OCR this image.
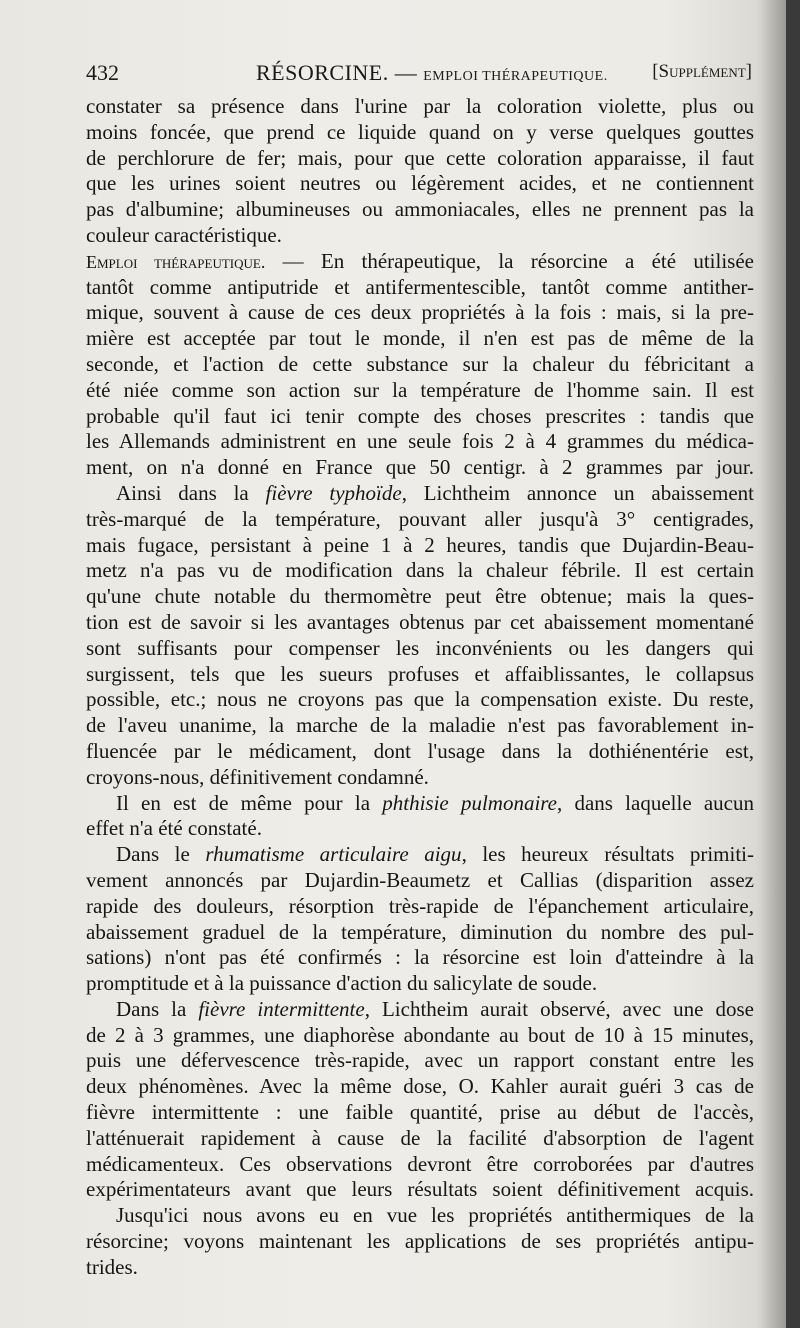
432	RÉSORCINE. — EMPLOI THÉRAPEUTIQUE. [Supplément]
constater sa présence dans l'urine par la coloration violette, plus ou
moins foncée, que prend ce liquide quand on y verse quelques gouttes
de perchlorure de fer; mais, pour que cette coloration apparaisse, il faut
que les urines soient neutres ou légèrement acides, et ne contiennent
pas d'albumine; albumineuses ou ammoniacales, elles ne prennent pas la
couleur caractéristique.
Emploi thérapeutique. — En thérapeutique, la résorcine a été utilisée
tantôt comme antiputride et antifermentescible, tantôt comme antither-
mique, souvent à cause de ces deux propriétés à la fois : mais, si la pre-
mière est acceptée par tout le monde, il n'en est pas de même de la
seconde, et l'action de cette substance sur la chaleur du fébricitant a
été niée comme son action sur la température de l'homme sain. Il est
probable qu'il faut ici tenir compte des choses prescrites : tandis que
les Allemands administrent en une seule fois 2 à 4 grammes du médica-
ment, on n'a donné en France que 50 centigr. à 2 grammes par jour.
Ainsi dans la fièvre typhoïde, Lichtheim annonce un abaissement
très-marqué de la température, pouvant aller jusqu'à 3° centigrades,
mais fugace, persistant à peine 1 à 2 heures, tandis que Dujardin-Beau-
metz n'a pas vu de modification dans la chaleur fébrile. Il est certain
qu'une chute notable du thermomètre peut être obtenue; mais la ques-
tion est de savoir si les avantages obtenus par cet abaissement momentané
sont suffisants pour compenser les inconvénients ou les dangers qui
surgissent, tels que les sueurs profuses et affaiblissantes, le collapsus
possible, etc.; nous ne croyons pas que la compensation existe. Du reste,
de l'aveu unanime, la marche de la maladie n'est pas favorablement in-
fluencée par le médicament, dont l'usage dans la dothiénentérie est,
croyons-nous, définitivement condamné.
Il en est de même pour la phthisie pulmonaire, dans laquelle aucun
effet n'a été constaté.
Dans le rhumatisme articulaire aigu, les heureux résultats primiti-
vement annoncés par Dujardin-Beaumetz et Callias (disparition assez
rapide des douleurs, résorption très-rapide de l'épanchement articulaire,
abaissement graduel de la température, diminution du nombre des pul-
sations) n'ont pas été confirmés : la résorcine est loin d'atteindre à la
promptitude et à la puissance d'action du salicylate de soude.
Dans la fièvre intermittente, Lichtheim aurait observé, avec une dose
de 2 à 3 grammes, une diaphorèse abondante au bout de 10 à 15 minutes,
puis une défervescence très-rapide, avec un rapport constant entre les
deux phénomènes. Avec la même dose, O. Kahler aurait guéri 3 cas de
fièvre intermittente : une faible quantité, prise au début de l'accès,
l'atténuerait rapidement à cause de la facilité d'absorption de l'agent
médicamenteux. Ces observations devront être corroborées par d'autres
expérimentateurs avant que leurs résultats soient définitivement acquis.
Jusqu'ici nous avons eu en vue les propriétés antithermiques de la
résorcine; voyons maintenant les applications de ses propriétés antipu-
trides.
